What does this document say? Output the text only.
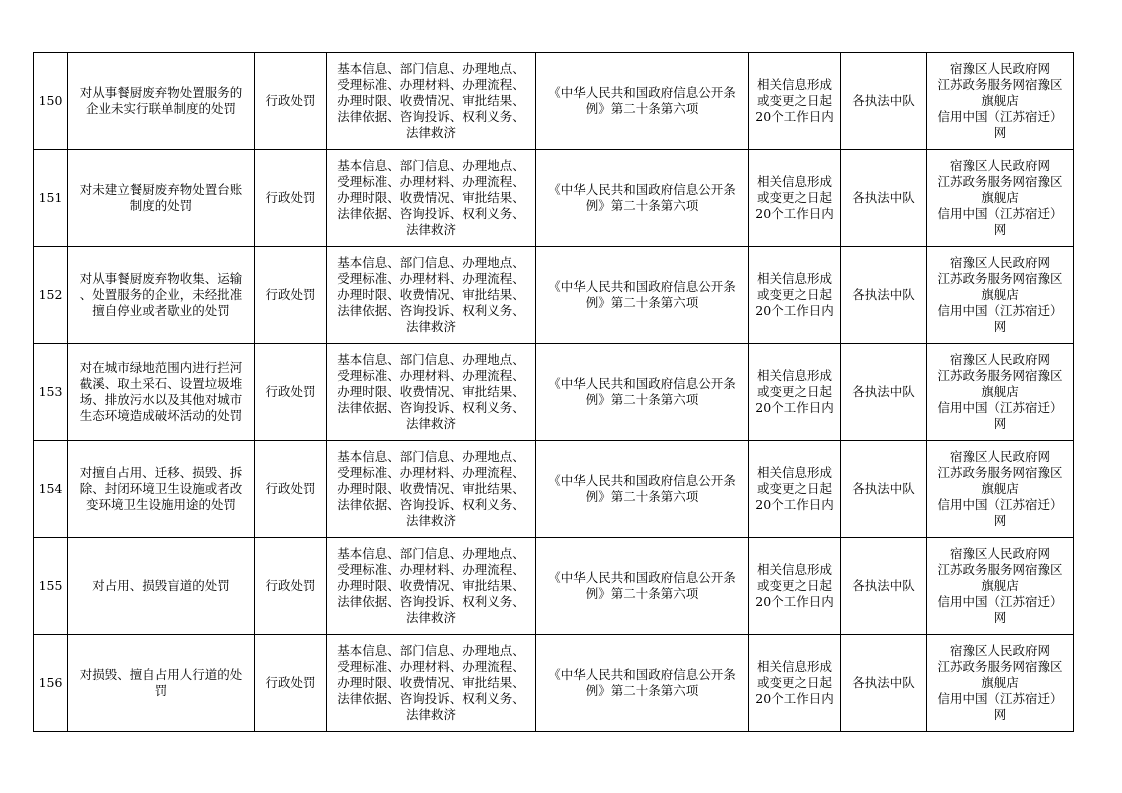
150	对从事餐厨废弃物处置服务的
企业未实行联单制度的处罚	行政处罚	基本信息、部门信息、办理地点、
受理标准、办理材料、办理流程、
办理时限、收费情况、审批结果、
法律依据、咨询投诉、权利义务、
法律救济	《中华人民共和国政府信息公开条
例》第二十条第六项	相关信息形成
或变更之日起
20个工作日内	各执法中队	宿豫区人民政府网
江苏政务服务网宿豫区
旗舰店
信用中国（江苏宿迁）
网

151	对未建立餐厨废弃物处置台账
制度的处罚	行政处罚	基本信息、部门信息、办理地点、
受理标准、办理材料、办理流程、
办理时限、收费情况、审批结果、
法律依据、咨询投诉、权利义务、
法律救济	《中华人民共和国政府信息公开条
例》第二十条第六项	相关信息形成
或变更之日起
20个工作日内	各执法中队	宿豫区人民政府网
江苏政务服务网宿豫区
旗舰店
信用中国（江苏宿迁）
网

152	对从事餐厨废弃物收集、运输
、处置服务的企业，未经批准
擅自停业或者歇业的处罚	行政处罚	基本信息、部门信息、办理地点、
受理标准、办理材料、办理流程、
办理时限、收费情况、审批结果、
法律依据、咨询投诉、权利义务、
法律救济	《中华人民共和国政府信息公开条
例》第二十条第六项	相关信息形成
或变更之日起
20个工作日内	各执法中队	宿豫区人民政府网
江苏政务服务网宿豫区
旗舰店
信用中国（江苏宿迁）
网

153	对在城市绿地范围内进行拦河
截溪、取土采石、设置垃圾堆
场、排放污水以及其他对城市
生态环境造成破坏活动的处罚	行政处罚	基本信息、部门信息、办理地点、
受理标准、办理材料、办理流程、
办理时限、收费情况、审批结果、
法律依据、咨询投诉、权利义务、
法律救济	《中华人民共和国政府信息公开条
例》第二十条第六项	相关信息形成
或变更之日起
20个工作日内	各执法中队	宿豫区人民政府网
江苏政务服务网宿豫区
旗舰店
信用中国（江苏宿迁）
网

154	对擅自占用、迁移、损毁、拆
除、封闭环境卫生设施或者改
变环境卫生设施用途的处罚	行政处罚	基本信息、部门信息、办理地点、
受理标准、办理材料、办理流程、
办理时限、收费情况、审批结果、
法律依据、咨询投诉、权利义务、
法律救济	《中华人民共和国政府信息公开条
例》第二十条第六项	相关信息形成
或变更之日起
20个工作日内	各执法中队	宿豫区人民政府网
江苏政务服务网宿豫区
旗舰店
信用中国（江苏宿迁）
网

155	对占用、损毁盲道的处罚	行政处罚	基本信息、部门信息、办理地点、
受理标准、办理材料、办理流程、
办理时限、收费情况、审批结果、
法律依据、咨询投诉、权利义务、
法律救济	《中华人民共和国政府信息公开条
例》第二十条第六项	相关信息形成
或变更之日起
20个工作日内	各执法中队	宿豫区人民政府网
江苏政务服务网宿豫区
旗舰店
信用中国（江苏宿迁）
网

156	对损毁、擅自占用人行道的处
罚	行政处罚	基本信息、部门信息、办理地点、
受理标准、办理材料、办理流程、
办理时限、收费情况、审批结果、
法律依据、咨询投诉、权利义务、
法律救济	《中华人民共和国政府信息公开条
例》第二十条第六项	相关信息形成
或变更之日起
20个工作日内	各执法中队	宿豫区人民政府网
江苏政务服务网宿豫区
旗舰店
信用中国（江苏宿迁）
网
